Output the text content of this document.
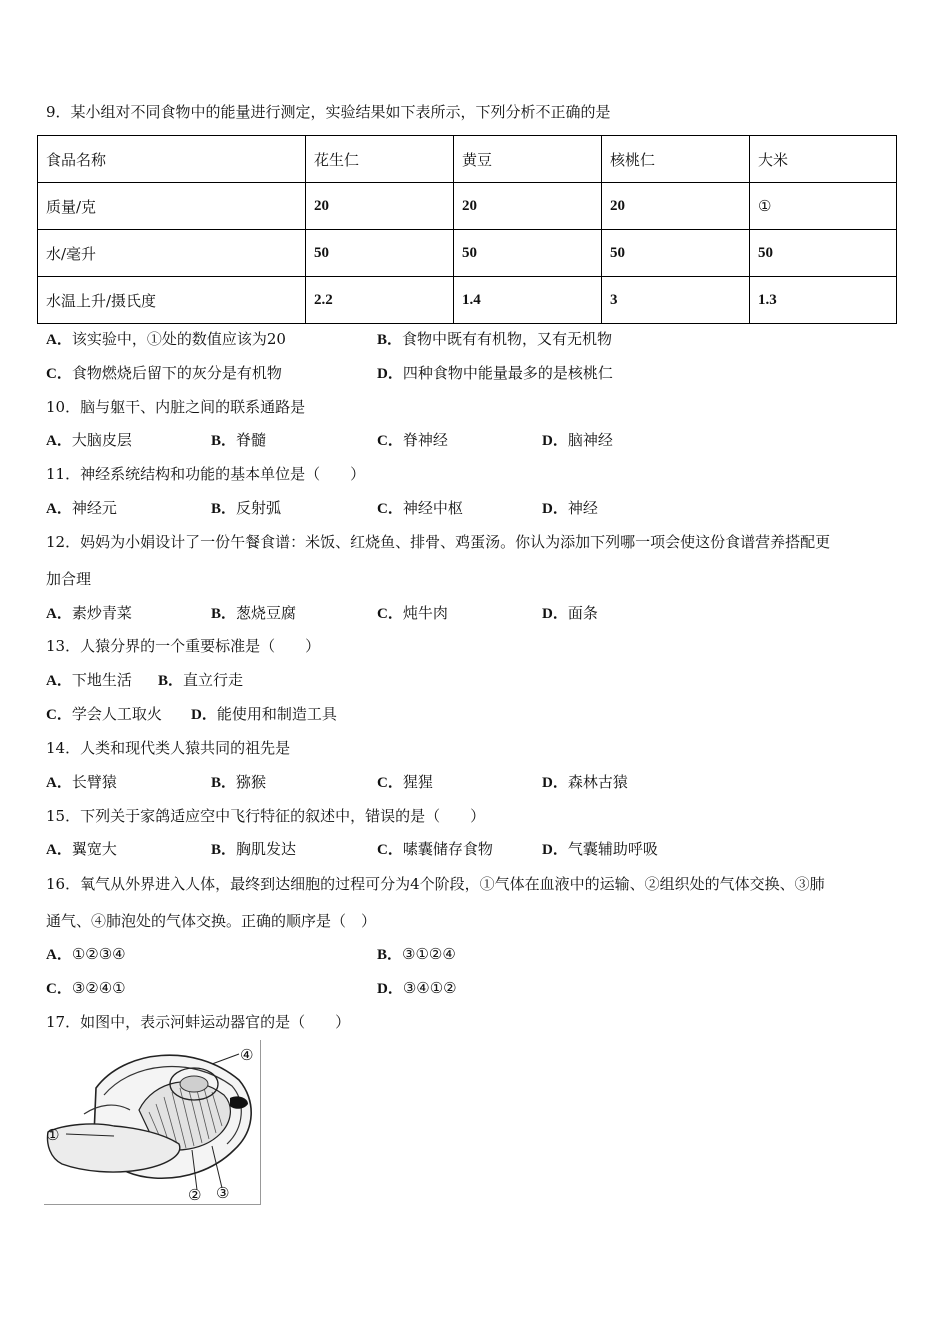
9．某小组对不同食物中的能量进行测定，实验结果如下表所示，下列分析不正确的是
食品名称	花生仁	黄豆	核桃仁	大米
质量/克	20	20	20	①
水/毫升	50	50	50	50
水温上升/摄氏度	2.2	1.4	3	1.3
A．该实验中，①处的数值应该为20	B．食物中既有有机物，又有无机物
C．食物燃烧后留下的灰分是有机物	D．四种食物中能量最多的是核桃仁
10．脑与躯干、内脏之间的联系通路是
A．大脑皮层	B．脊髓	C．脊神经	D．脑神经
11．神经系统结构和功能的基本单位是（　　）
A．神经元	B．反射弧	C．神经中枢	D．神经
12．妈妈为小娟设计了一份午餐食谱：米饭、红烧鱼、排骨、鸡蛋汤。你认为添加下列哪一项会使这份食谱营养搭配更
加合理
A．素炒青菜	B．葱烧豆腐	C．炖牛肉	D．面条
13．人猿分界的一个重要标准是（　　）
A．下地生活 B．直立行走
C．学会人工取火 D．能使用和制造工具
14．人类和现代类人猿共同的祖先是
A．长臂猿	B．猕猴	C．猩猩	D．森林古猿
15．下列关于家鸽适应空中飞行特征的叙述中，错误的是（　　）
A．翼宽大	B．胸肌发达	C．嗉囊储存食物	D．气囊辅助呼吸
16．氧气从外界进入人体，最终到达细胞的过程可分为4个阶段，①气体在血液中的运输、②组织处的气体交换、③肺
通气、④肺泡处的气体交换。正确的顺序是（　）
A．①②③④	B．③①②④
C．③②④①	D．③④①②
17．如图中，表示河蚌运动器官的是（　　）
①
② ③
④
